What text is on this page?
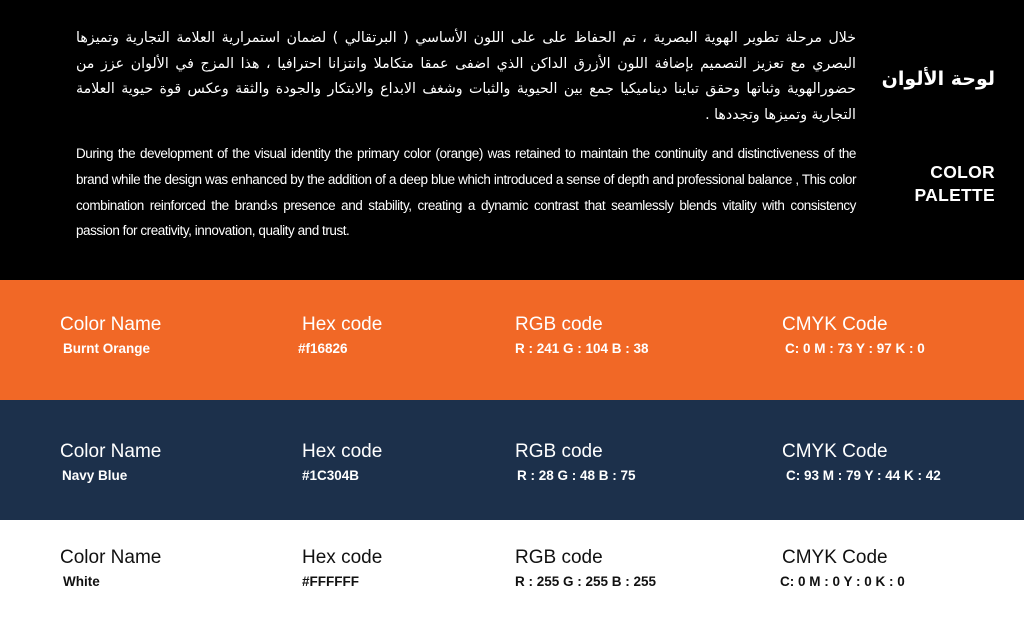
خلال مرحلة تطوير الهوية البصرية ، تم الحفاظ على على اللون الأساسي ( البرتقالي ) لضمان استمرارية العلامة التجارية وتميزها البصري مع تعزيز التصميم بإضافة اللون الأزرق الداكن الذي اضفى عمقا متكاملا وانتزانا احترافيا ، هذا المزج في الألوان عزز من حضورالهوية وثباتها وحقق تباينا ديناميكيا جمع بين الحيوية والثبات وشغف الابداع والابتكار والجودة والثقة وعكس قوة حيوية العلامة التجارية وتميزها وتجددها .
During the development of the visual identity the primary color (orange) was retained to maintain the continuity and distinctiveness of the brand while the design was enhanced by the addition of a deep blue which introduced a sense of depth and professional balance , This color combination reinforced the brand›s presence and stability, creating a dynamic contrast that seamlessly blends vitality with consistency passion for creativity, innovation, quality and trust.
لوحة الألوان
COLOR PALETTE
Color Name
Burnt Orange
Hex code
#f16826
RGB code
R : 241 G : 104 B : 38
CMYK Code
C: 0 M : 73 Y : 97 K : 0
Color Name
Navy Blue
Hex code
#1C304B
RGB code
R : 28 G : 48 B : 75
CMYK Code
C: 93 M : 79 Y : 44 K : 42
Color Name
White
Hex code
#FFFFFF
RGB code
R : 255 G : 255 B : 255
CMYK Code
C: 0 M : 0 Y : 0 K : 0
